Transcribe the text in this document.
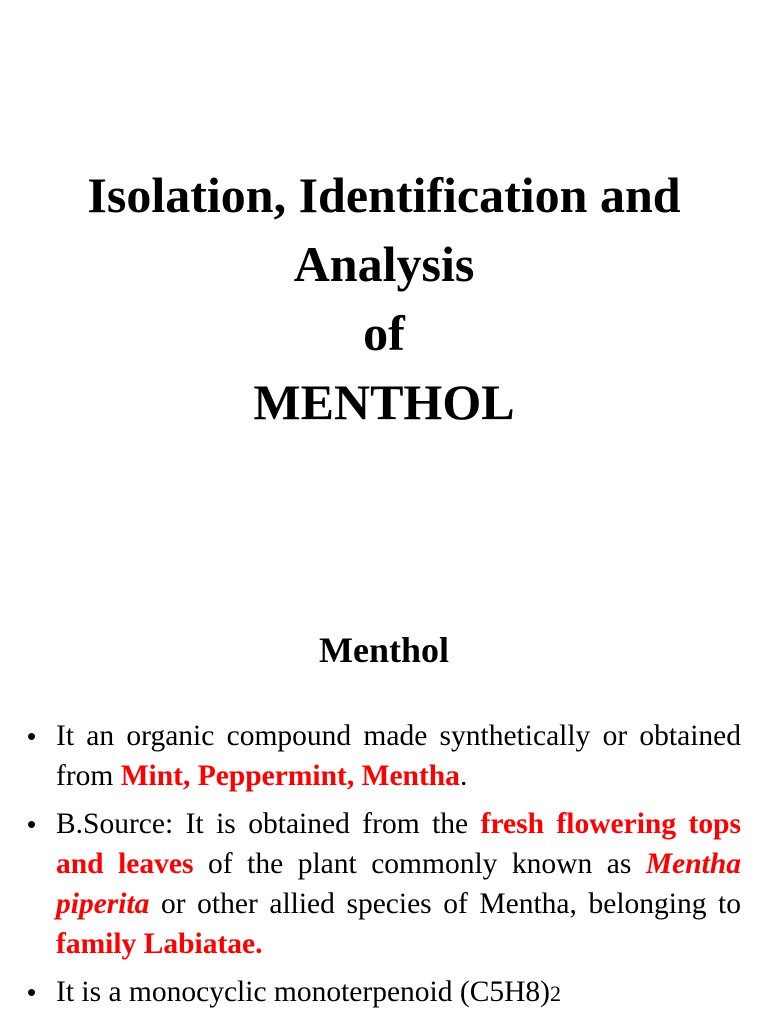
Isolation, Identification and
Analysis
of
MENTHOL
Menthol
• It an organic compound made synthetically or obtained from Mint, Peppermint, Mentha.
• B.Source: It is obtained from the fresh flowering tops and leaves of the plant commonly known as Mentha piperita or other allied species of Mentha, belonging to family Labiatae.
• It is a monocyclic monoterpenoid (C5H8)2
